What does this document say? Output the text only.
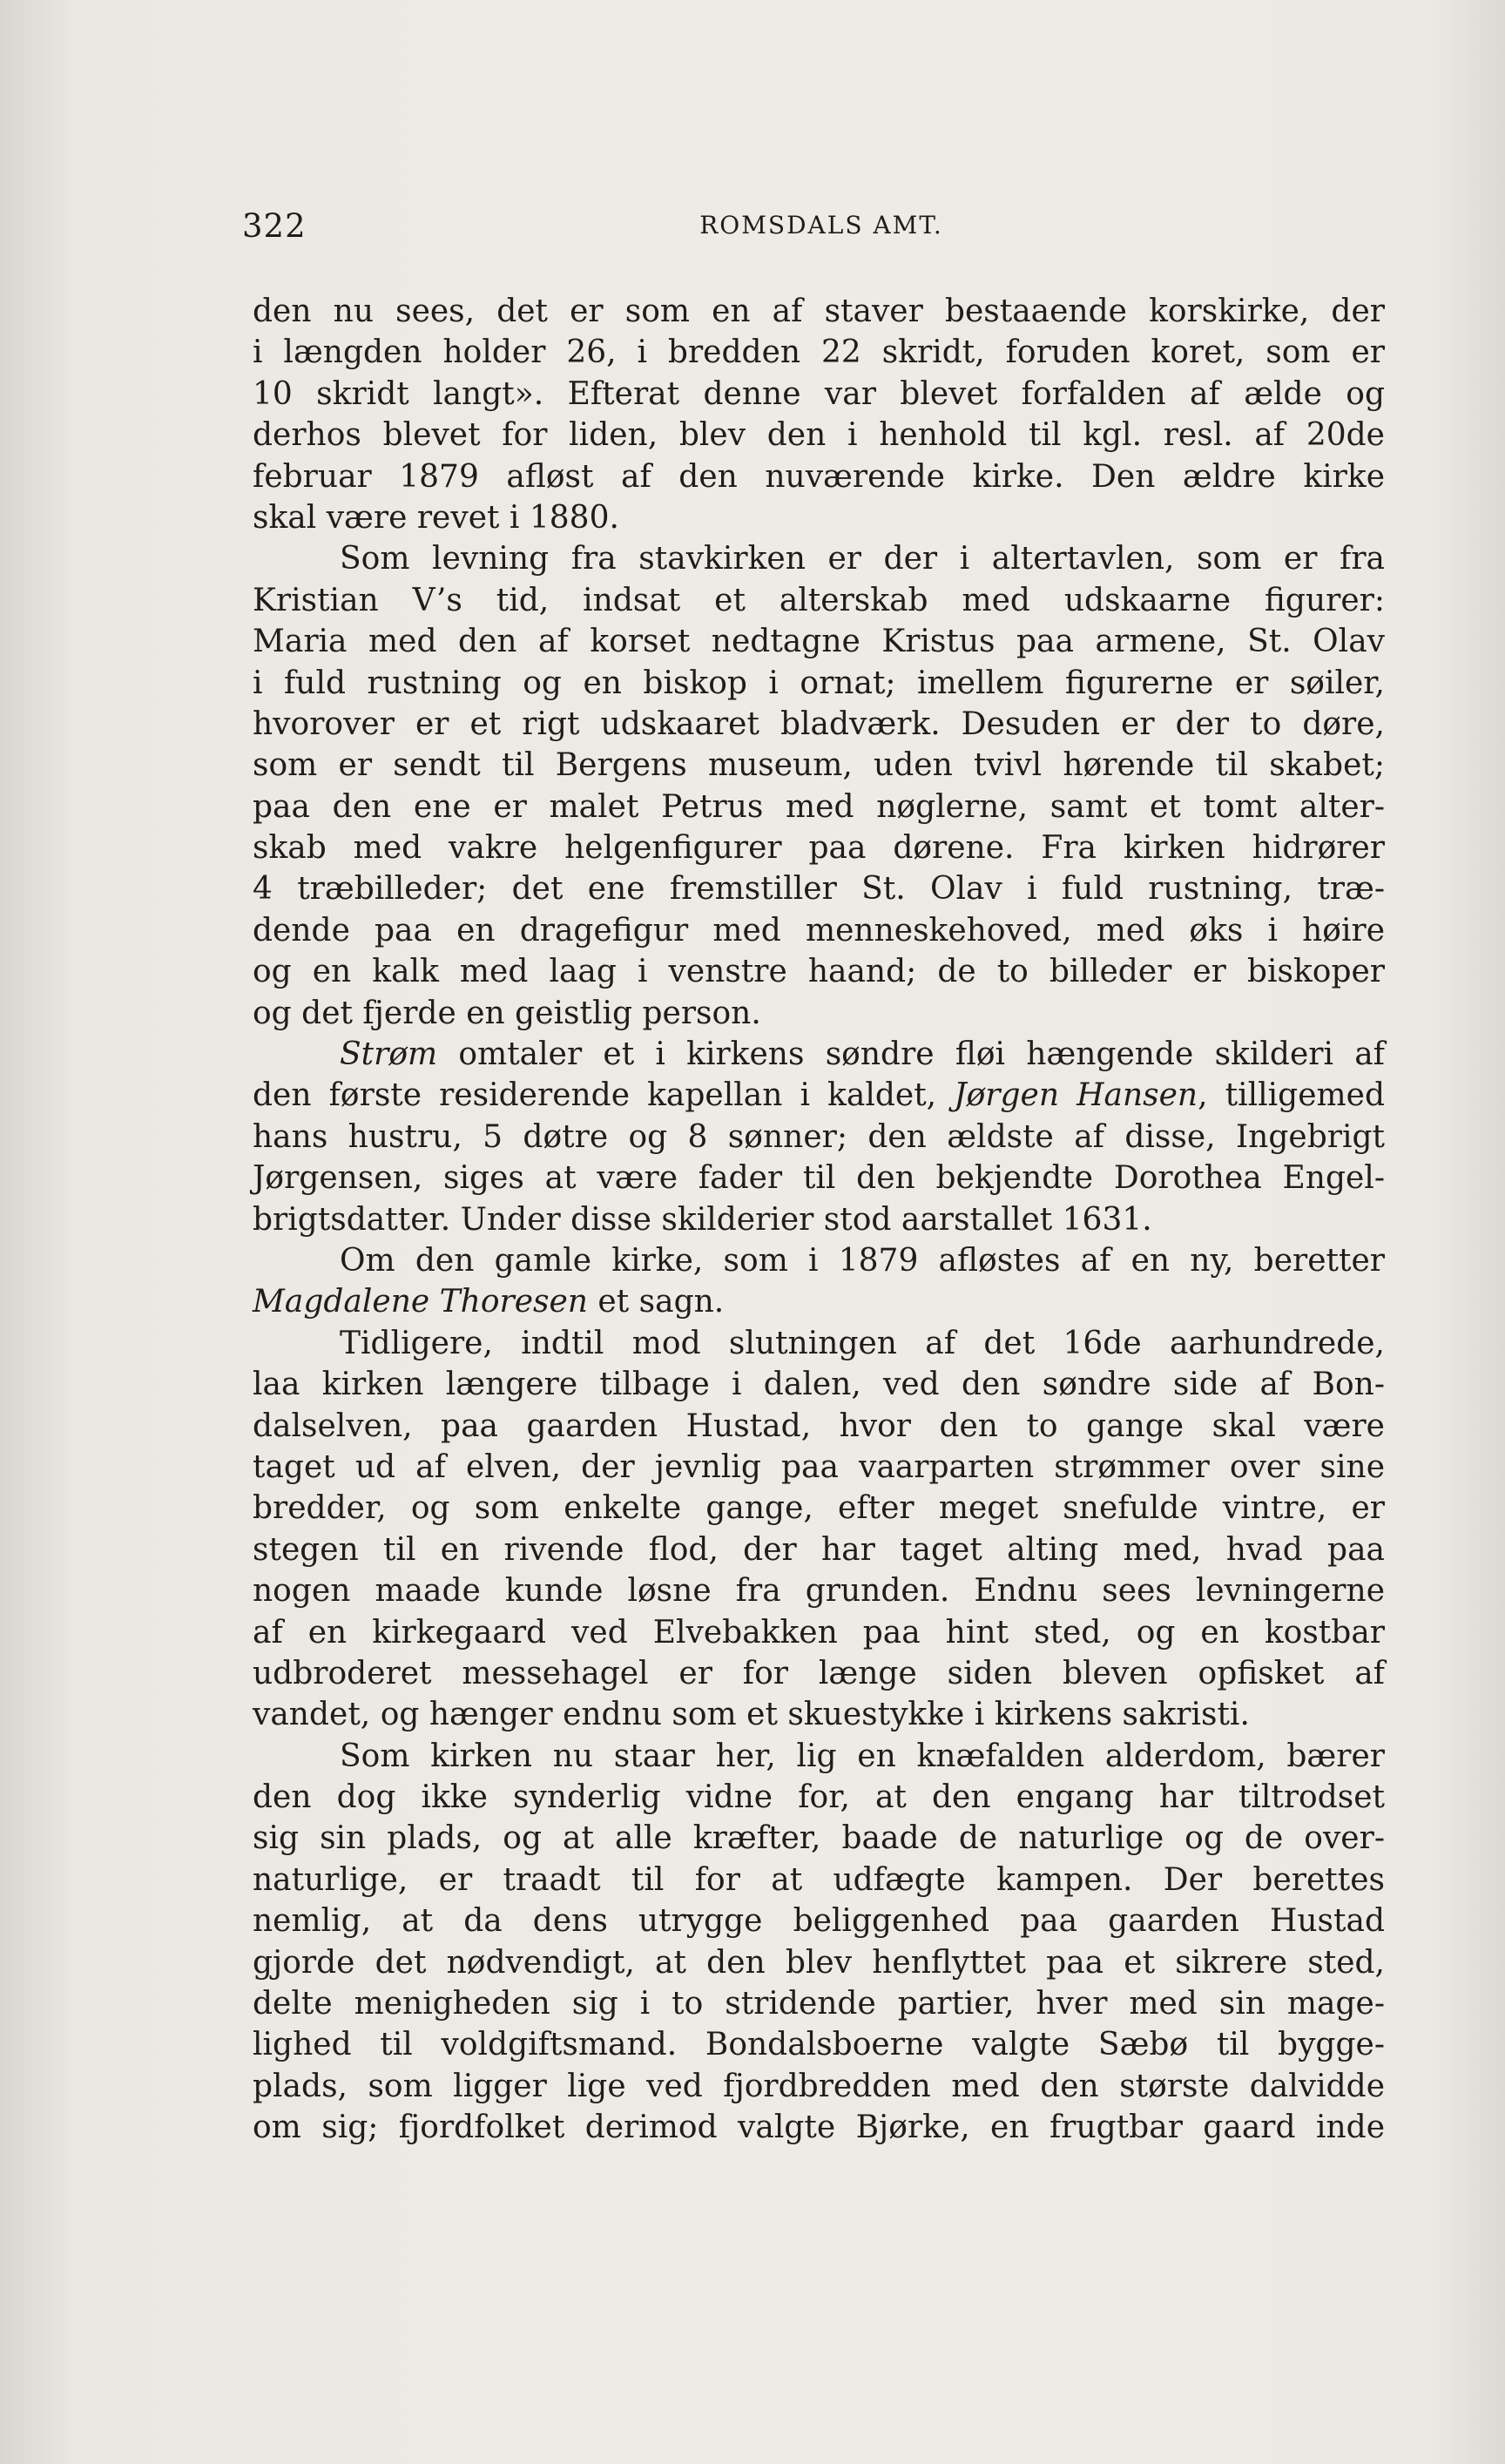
322	ROMSDALS AMT.
den nu sees, det er som en af staver bestaaende korskirke, der
i længden holder 26, i bredden 22 skridt, foruden koret, som er
10 skridt langt». Efterat denne var blevet forfalden af ælde og
derhos blevet for liden, blev den i henhold til kgl. resl. af 20de
februar 1879 afløst af den nuværende kirke. Den ældre kirke
skal være revet i 1880.
Som levning fra stavkirken er der i altertavlen, som er fra
Kristian V’s tid, indsat et alterskab med udskaarne figurer:
Maria med den af korset nedtagne Kristus paa armene, St. Olav
i fuld rustning og en biskop i ornat; imellem figurerne er søiler,
hvorover er et rigt udskaaret bladværk. Desuden er der to døre,
som er sendt til Bergens museum, uden tvivl hørende til skabet;
paa den ene er malet Petrus med nøglerne, samt et tomt alter-
skab med vakre helgenfigurer paa dørene. Fra kirken hidrører
4 træbilleder; det ene fremstiller St. Olav i fuld rustning, træ-
dende paa en dragefigur med menneskehoved, med øks i høire
og en kalk med laag i venstre haand; de to billeder er biskoper
og det fjerde en geistlig person.
Strøm omtaler et i kirkens søndre fløi hængende skilderi af
den første residerende kapellan i kaldet, Jørgen Hansen, tilligemed
hans hustru, 5 døtre og 8 sønner; den ældste af disse, Ingebrigt
Jørgensen, siges at være fader til den bekjendte Dorothea Engel-
brigtsdatter. Under disse skilderier stod aarstallet 1631.
Om den gamle kirke, som i 1879 afløstes af en ny, beretter
Magdalene Thoresen et sagn.
Tidligere, indtil mod slutningen af det 16de aarhundrede,
laa kirken længere tilbage i dalen, ved den søndre side af Bon-
dalselven, paa gaarden Hustad, hvor den to gange skal være
taget ud af elven, der jevnlig paa vaarparten strømmer over sine
bredder, og som enkelte gange, efter meget snefulde vintre, er
stegen til en rivende flod, der har taget alting med, hvad paa
nogen maade kunde løsne fra grunden. Endnu sees levningerne
af en kirkegaard ved Elvebakken paa hint sted, og en kostbar
udbroderet messehagel er for længe siden bleven opfisket af
vandet, og hænger endnu som et skuestykke i kirkens sakristi.
Som kirken nu staar her, lig en knæfalden alderdom, bærer
den dog ikke synderlig vidne for, at den engang har tiltrodset
sig sin plads, og at alle kræfter, baade de naturlige og de over-
naturlige, er traadt til for at udfægte kampen. Der berettes
nemlig, at da dens utrygge beliggenhed paa gaarden Hustad
gjorde det nødvendigt, at den blev henflyttet paa et sikrere sted,
delte menigheden sig i to stridende partier, hver med sin mage-
lighed til voldgiftsmand. Bondalsboerne valgte Sæbø til bygge-
plads, som ligger lige ved fjordbredden med den største dalvidde
om sig; fjordfolket derimod valgte Bjørke, en frugtbar gaard inde
